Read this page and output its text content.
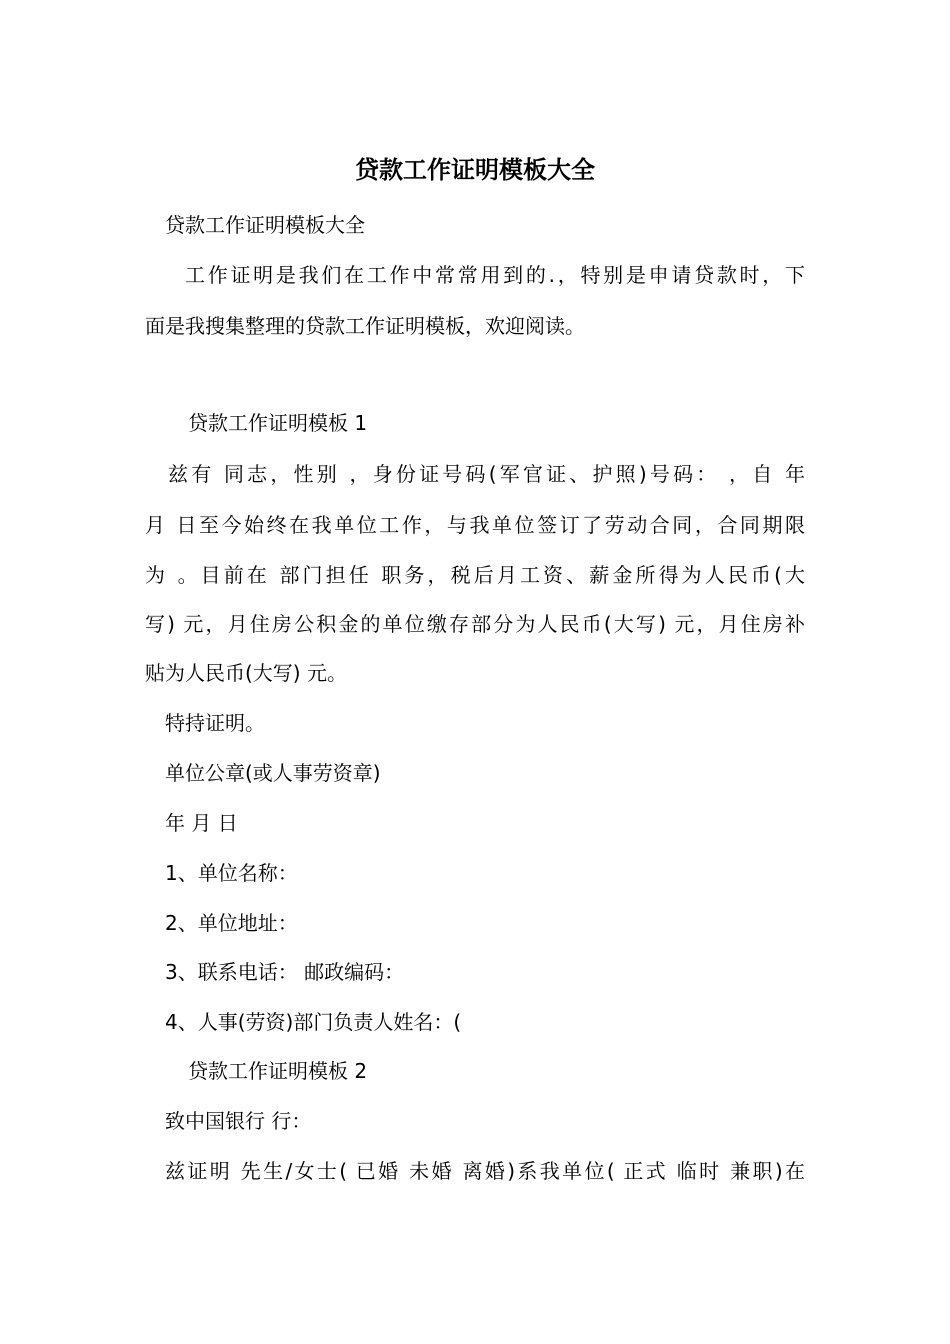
贷款工作证明模板大全

贷款工作证明模板大全

工作证明是我们在工作中常常用到的.，特别是申请贷款时，下

面是我搜集整理的贷款工作证明模板，欢迎阅读。

贷款工作证明模板 1

兹有 同志，性别 ，身份证号码(军官证、护照)号码： ，自 年

月 日至今始终在我单位工作，与我单位签订了劳动合同，合同期限

为 。目前在 部门担任 职务，税后月工资、薪金所得为人民币(大

写) 元，月住房公积金的单位缴存部分为人民币(大写) 元，月住房补

贴为人民币(大写) 元。

特持证明。

单位公章(或人事劳资章)

年 月 日

1、单位名称：

2、单位地址：

3、联系电话： 邮政编码：

4、人事(劳资)部门负责人姓名：(

贷款工作证明模板 2

致中国银行 行：

兹证明 先生/女士( 已婚 未婚 离婚)系我单位( 正式 临时 兼职)在
